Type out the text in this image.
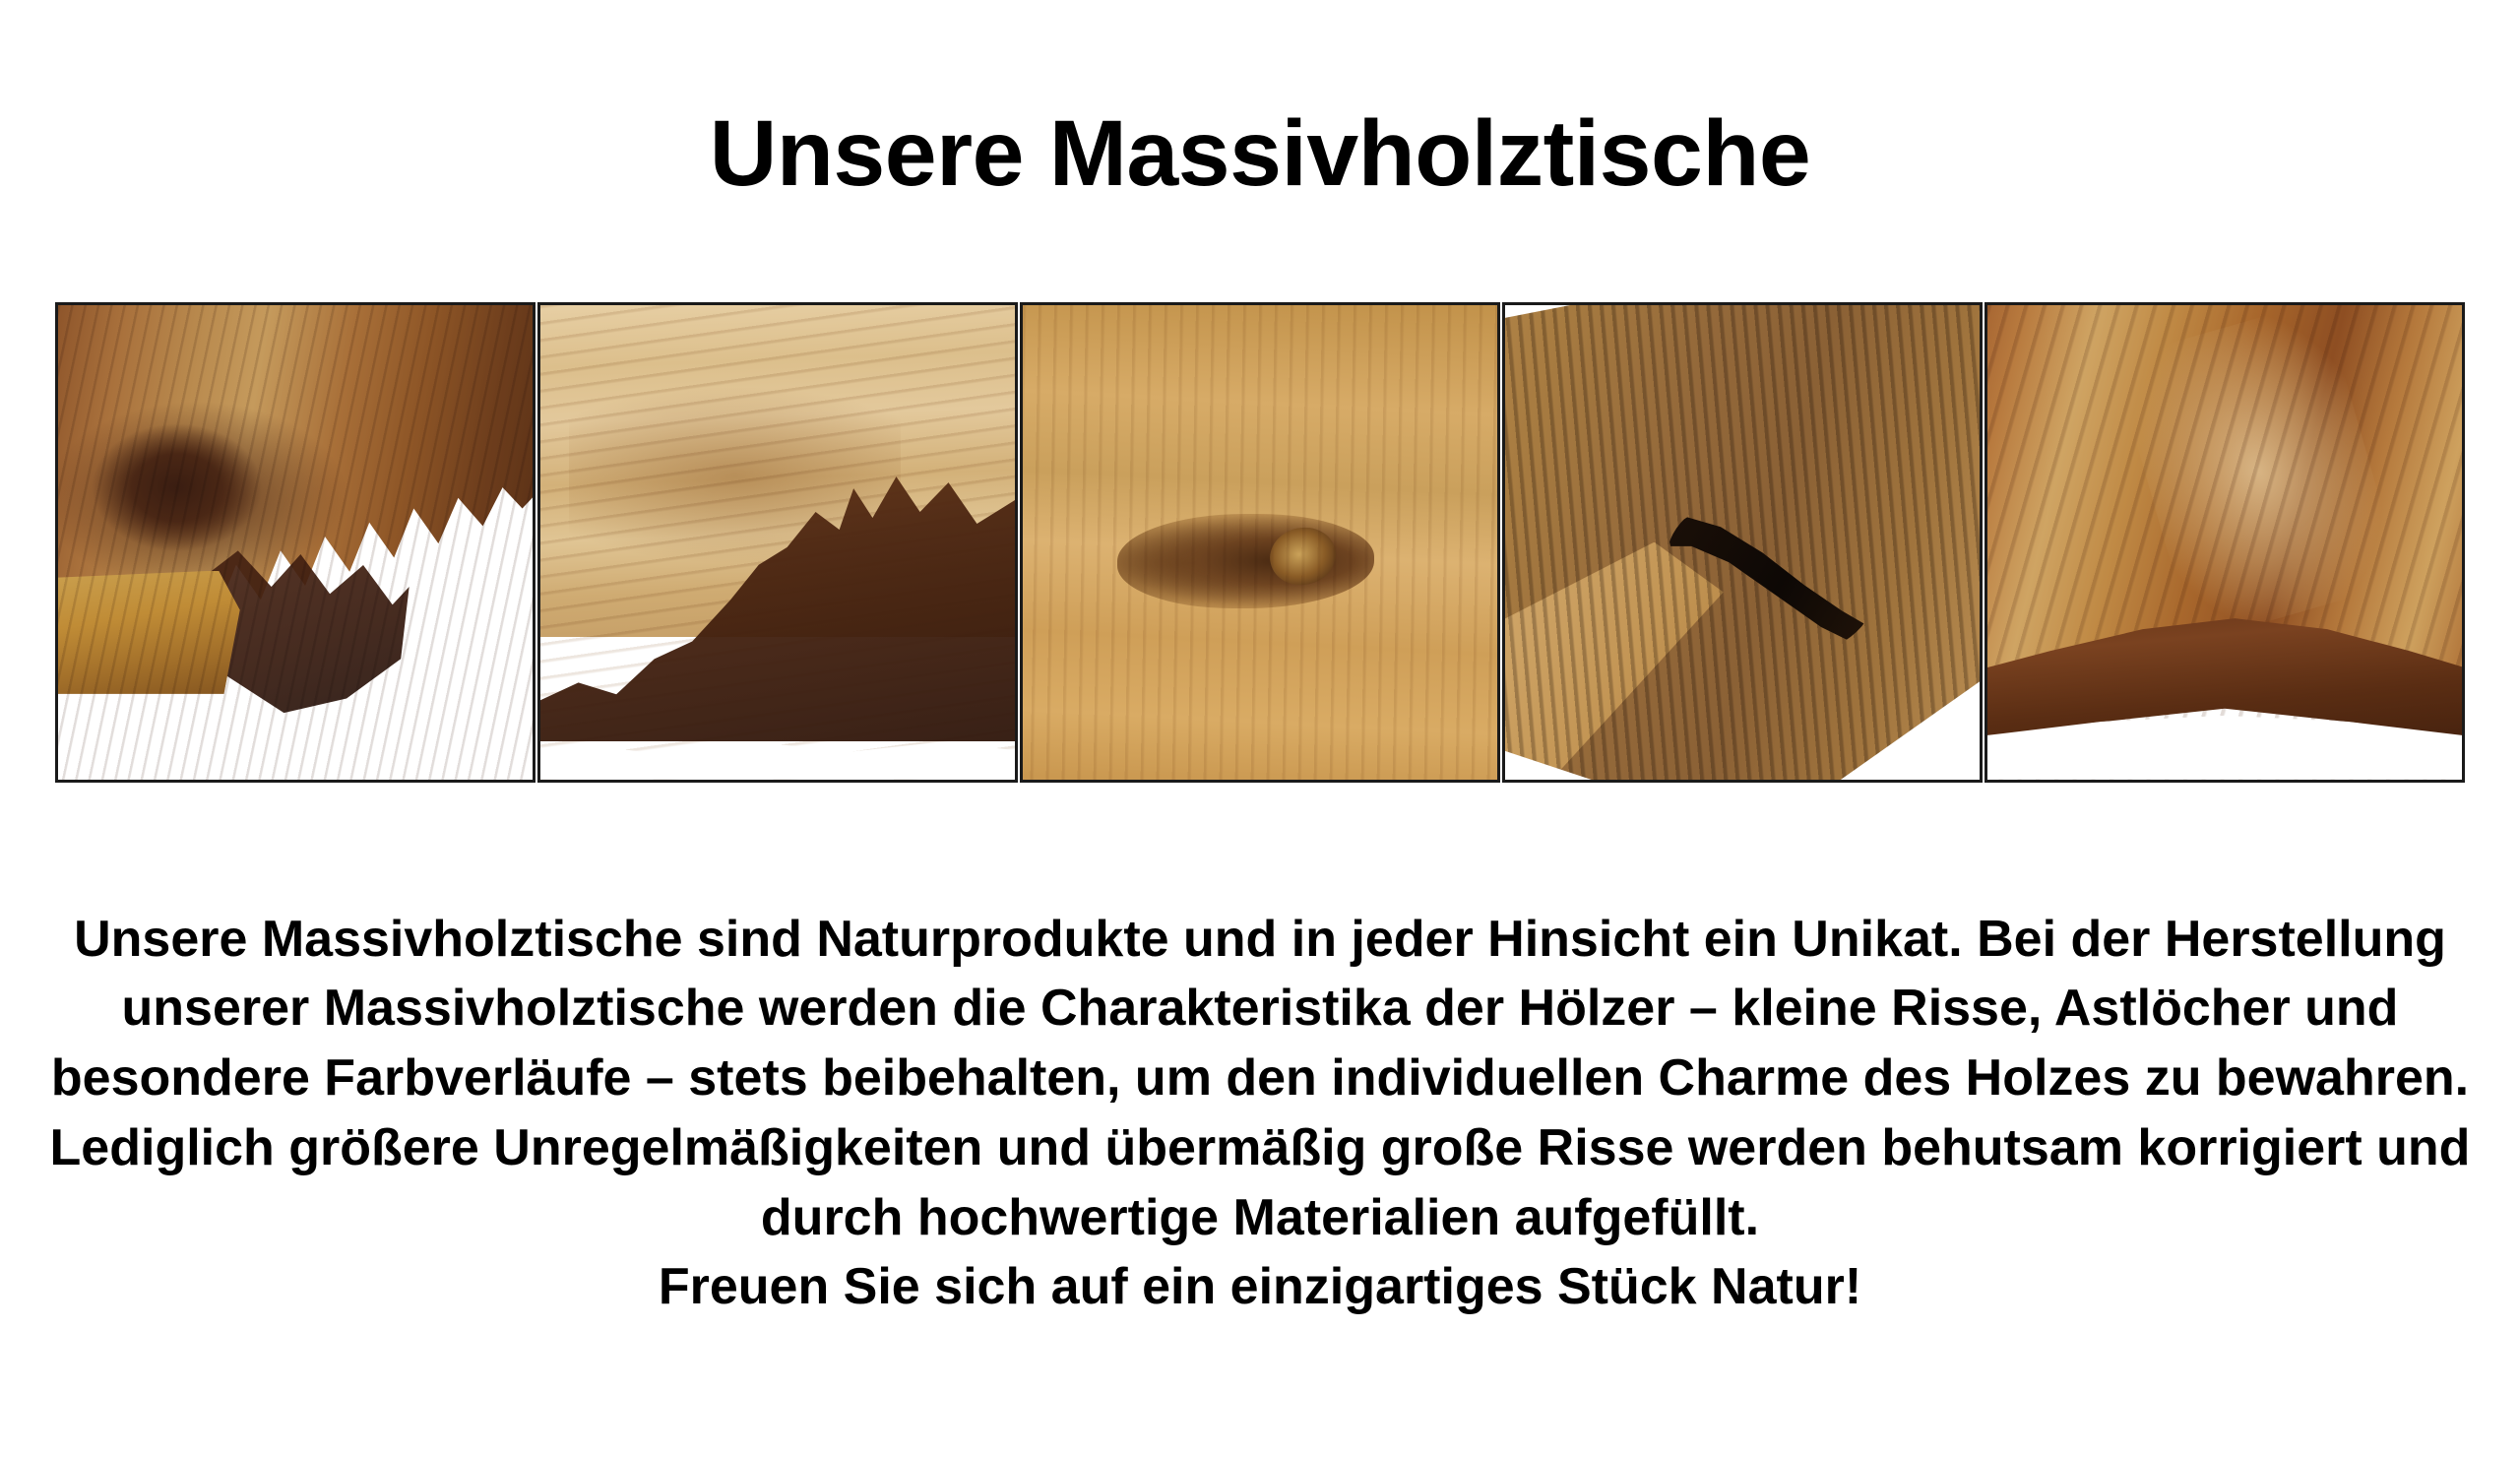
Unsere Massivholztische

Unsere Massivholztische sind Naturprodukte und in jeder Hinsicht ein Unikat. Bei der Herstellung unserer Massivholztische werden die Charakteristika der Hölzer – kleine Risse, Astlöcher und besondere Farbverläufe – stets beibehalten, um den individuellen Charme des Holzes zu bewahren. Lediglich größere Unregelmäßigkeiten und übermäßig große Risse werden behutsam korrigiert und durch hochwertige Materialien aufgefüllt.

Freuen Sie sich auf ein einzigartiges Stück Natur!
